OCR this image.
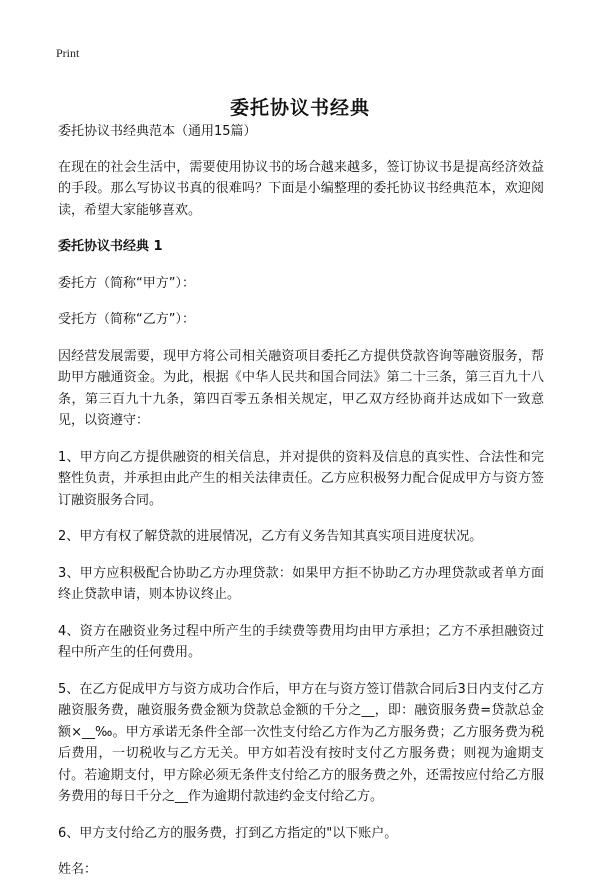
Print
委托协议书经典

委托协议书经典范本（通用15篇）

在现在的社会生活中，需要使用协议书的场合越来越多，签订协议书是提高经济效益的手段。那么写协议书真的很难吗？下面是小编整理的委托协议书经典范本，欢迎阅读，希望大家能够喜欢。

委托协议书经典 1

委托方（简称“甲方”）：

受托方（简称“乙方”）：

因经营发展需要，现甲方将公司相关融资项目委托乙方提供贷款咨询等融资服务，帮助甲方融通资金。为此，根据《中华人民共和国合同法》第二十三条，第三百九十八条，第三百九十九条，第四百零五条相关规定，甲乙双方经协商并达成如下一致意见，以资遵守：

1、甲方向乙方提供融资的相关信息，并对提供的资料及信息的真实性、合法性和完整性负责，并承担由此产生的相关法律责任。乙方应积极努力配合促成甲方与资方签订融资服务合同。

2、甲方有权了解贷款的进展情况，乙方有义务告知其真实项目进度状况。

3、甲方应积极配合协助乙方办理贷款：如果甲方拒不协助乙方办理贷款或者单方面终止贷款申请，则本协议终止。

4、资方在融资业务过程中所产生的手续费等费用均由甲方承担；乙方不承担融资过程中所产生的任何费用。

5、在乙方促成甲方与资方成功合作后，甲方在与资方签订借款合同后3日内支付乙方融资服务费，融资服务费金额为贷款总金额的千分之__，即：融资服务费=贷款总金额×__‰。甲方承诺无条件全部一次性支付给乙方作为乙方服务费；乙方服务费为税后费用，一切税收与乙方无关。甲方如若没有按时支付乙方服务费；则视为逾期支付。若逾期支付，甲方除必须无条件支付给乙方的服务费之外，还需按应付给乙方服务费用的每日千分之__作为逾期付款违约金支付给乙方。

6、甲方支付给乙方的服务费，打到乙方指定的"以下账户。

姓名：
